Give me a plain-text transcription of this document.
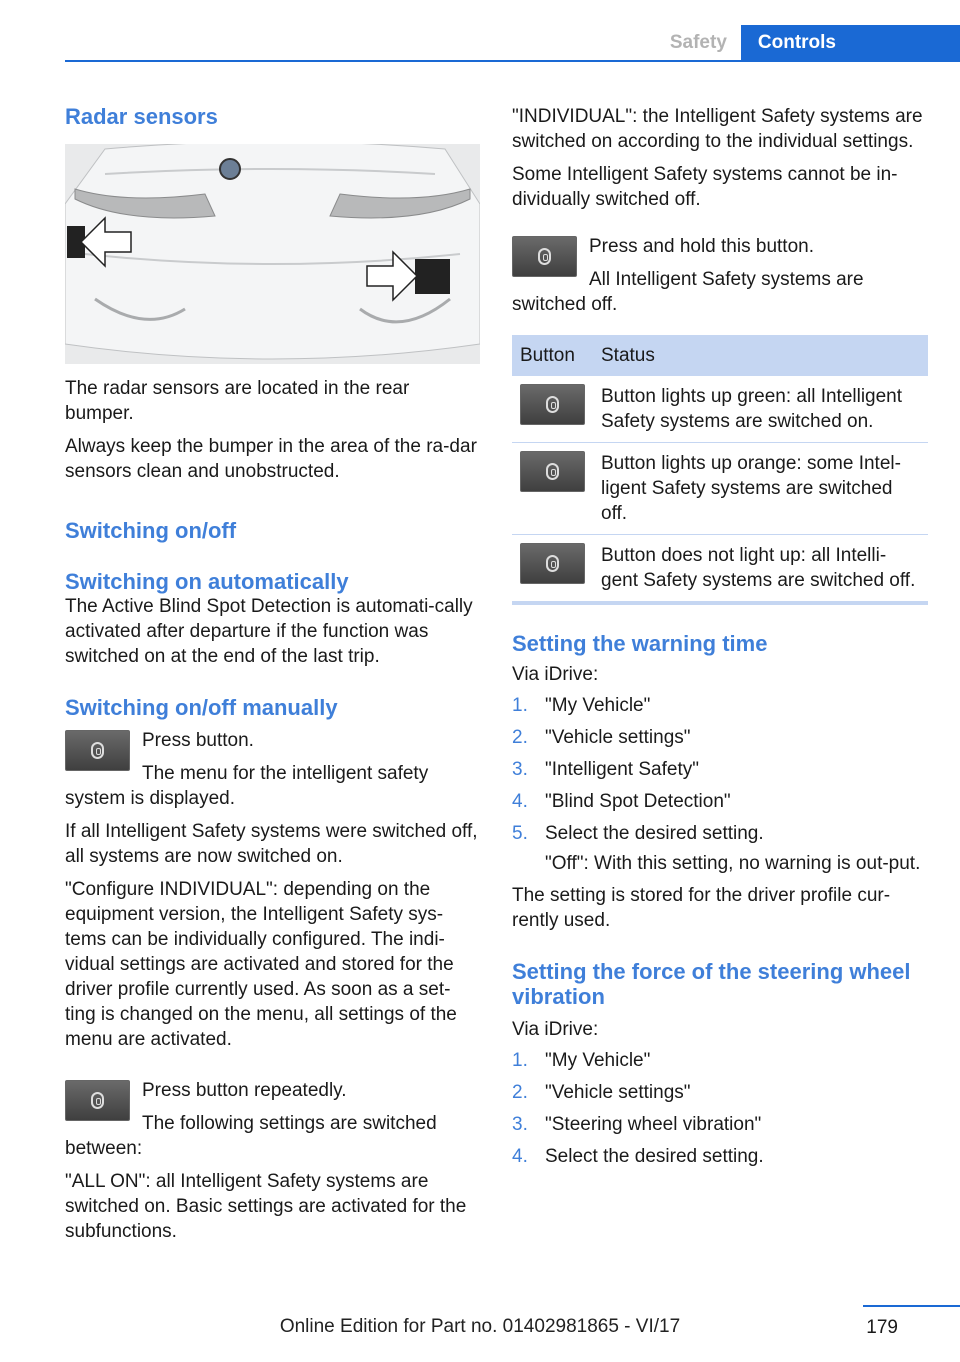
Safety	Controls
Radar sensors

The radar sensors are located in the rear bumper.

Always keep the bumper in the area of the ra-dar sensors clean and unobstructed.

Switching on/off
Switching on automatically

The Active Blind Spot Detection is automati-cally activated after departure if the function was switched on at the end of the last trip.

Switching on/off manually

Press button.

The menu for the intelligent safety system is displayed.

If all Intelligent Safety systems were switched off, all systems are now switched on.

"Configure INDIVIDUAL": depending on the equipment version, the Intelligent Safety sys-tems can be individually configured. The indi-vidual settings are activated and stored for the driver profile currently used. As soon as a set-ting is changed on the menu, all settings of the menu are activated.

Press button repeatedly.

The following settings are switched between:

"ALL ON": all Intelligent Safety systems are switched on. Basic settings are activated for the subfunctions.

"INDIVIDUAL": the Intelligent Safety systems are switched on according to the individual settings.

Some Intelligent Safety systems cannot be in-dividually switched off.

Press and hold this button.

All Intelligent Safety systems are switched off.

Button	Status

	Button lights up green: all Intelligent Safety systems are switched on.

	Button lights up orange: some Intel-ligent Safety systems are switched off.

	Button does not light up: all Intelli-gent Safety systems are switched off.
Setting the warning time

Via iDrive:

1. "My Vehicle"
2. "Vehicle settings"
3. "Intelligent Safety"
4. "Blind Spot Detection"
5. Select the desired setting.

"Off": With this setting, no warning is out-put.

The setting is stored for the driver profile cur-rently used.

Setting the force of the steering wheel vibration

Via iDrive:

1. "My Vehicle"
2. "Vehicle settings"
3. "Steering wheel vibration"
4. Select the desired setting.
179
Online Edition for Part no. 01402981865 - VI/17
